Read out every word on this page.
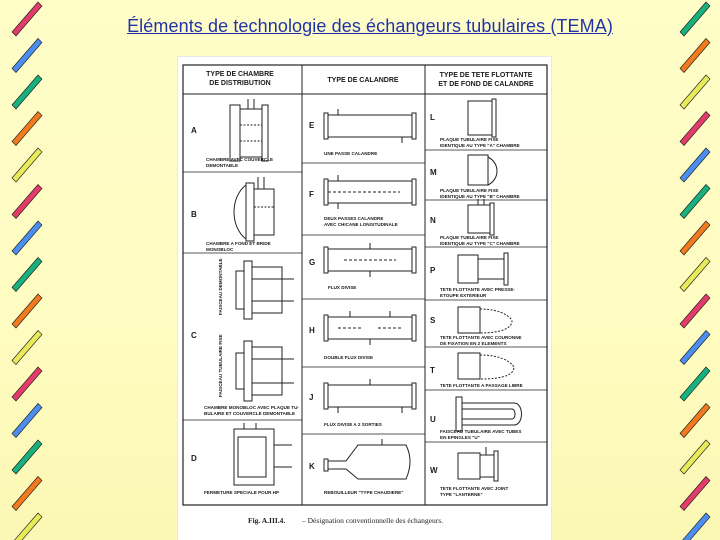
Éléments de technologie des échangeurs tubulaires (TEMA)
TYPE DE CHAMBRE
DE DISTRIBUTION	TYPE DE CALANDRE
TYPE DE TETE FLOTTANTE
ET DE FOND DE CALANDRE
A
CHAMBRE AVEC COUVERCLE
DEMONTABLE
B
CHAMBRE A FOND ET BRIDE
MONOBLOC
C
FAISCEAU DEMONTABLE
FAISCEAU TUBULAIRE FIXE
CHAMBRE MONOBLOC AVEC PLAQUE TU-
BULAIRE ET COUVERCLE DEMONTABLE
D
FERMETURE SPECIALE POUR HP
E
UNE PASSE CALANDRE
F
DEUX PASSES CALANDRE
AVEC CHICANE LONGITUDINALE
G
FLUX DIVISE
H
DOUBLE FLUX DIVISE
J
FLUX DIVISE A 2 SORTIES
K
REBOUILLEUR "TYPE CHAUDIERE"
L
PLAQUE TUBULAIRE FIXE
IDENTIQUE AU TYPE "A" CHAMBRE
M
PLAQUE TUBULAIRE FIXE
IDENTIQUE AU TYPE "B" CHAMBRE
N
PLAQUE TUBULAIRE FIXE
IDENTIQUE AU TYPE "C" CHAMBRE
P
TETE FLOTTANTE AVEC PRESSE-
ETOUPE EXTERIEUR
S
TETE FLOTTANTE AVEC COURONNE
DE FIXATION EN 2 ELEMENTS
T
TETE FLOTTANTE A PASSAGE LIBRE
U
FAISCEAU TUBULAIRE AVEC TUBES
EN EPINGLES "U"
W
TETE FLOTTANTE AVEC JOINT
TYPE "LANTERNE"
Fig. A.III.4. – Désignation conventionnelle des échangeurs.
